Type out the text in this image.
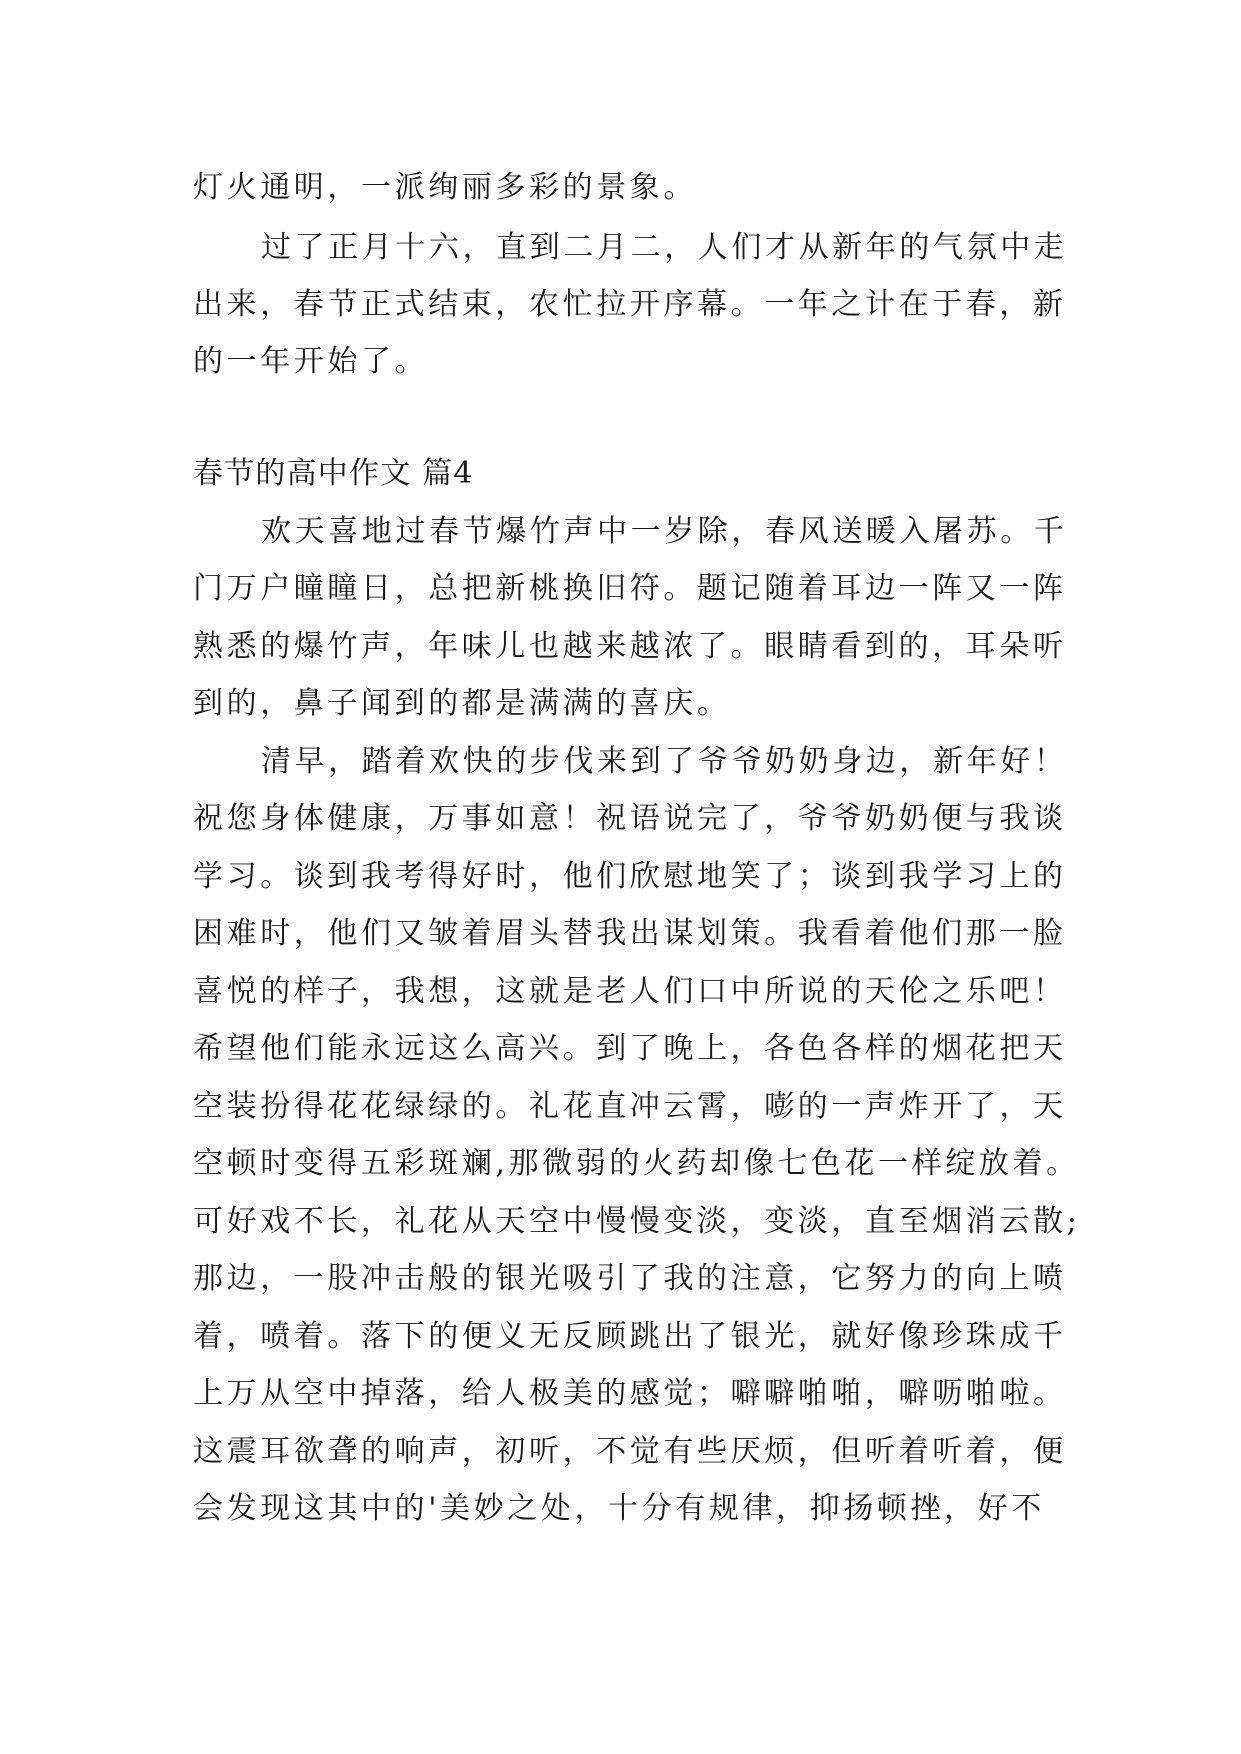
灯火通明，一派绚丽多彩的景象。
过了正月十六，直到二月二，人们才从新年的气氛中走
出来，春节正式结束，农忙拉开序幕。一年之计在于春，新
的一年开始了。
春节的高中作文 篇4
欢天喜地过春节爆竹声中一岁除，春风送暖入屠苏。千
门万户瞳瞳日，总把新桃换旧符。题记随着耳边一阵又一阵
熟悉的爆竹声，年味儿也越来越浓了。眼睛看到的，耳朵听
到的，鼻子闻到的都是满满的喜庆。
清早，踏着欢快的步伐来到了爷爷奶奶身边，新年好！
祝您身体健康，万事如意！祝语说完了，爷爷奶奶便与我谈
学习。谈到我考得好时，他们欣慰地笑了；谈到我学习上的
困难时，他们又皱着眉头替我出谋划策。我看着他们那一脸
喜悦的样子，我想，这就是老人们口中所说的天伦之乐吧！
希望他们能永远这么高兴。到了晚上，各色各样的烟花把天
空装扮得花花绿绿的。礼花直冲云霄，嘭的一声炸开了，天
空顿时变得五彩斑斓,那微弱的火药却像七色花一样绽放着。
可好戏不长，礼花从天空中慢慢变淡，变淡，直至烟消云散;
那边，一股冲击般的银光吸引了我的注意，它努力的向上喷
着，喷着。落下的便义无反顾跳出了银光，就好像珍珠成千
上万从空中掉落，给人极美的感觉；噼噼啪啪，噼呖啪啦。
这震耳欲聋的响声，初听，不觉有些厌烦，但听着听着，便
会发现这其中的'美妙之处，十分有规律，抑扬顿挫，好不
